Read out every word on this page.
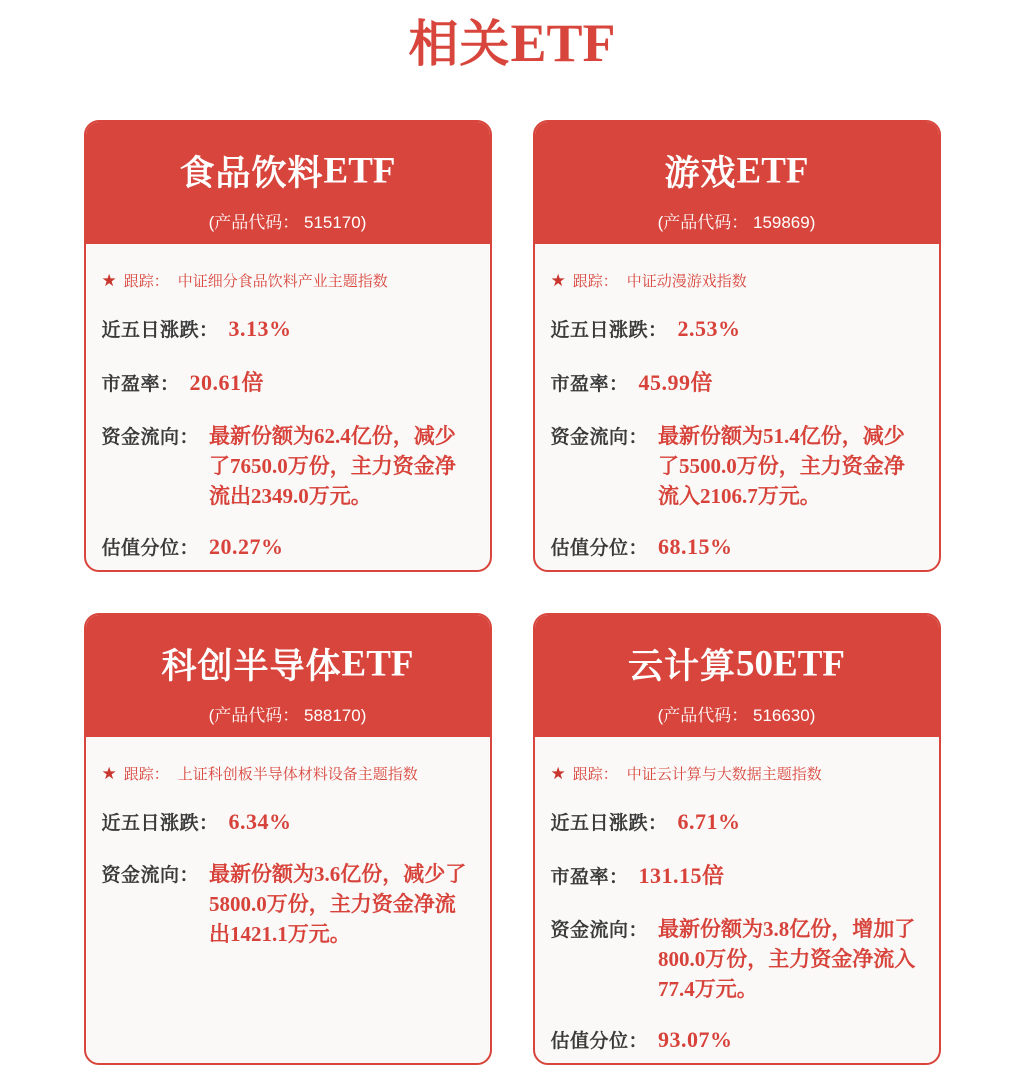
相关ETF
食品饮料ETF
(产品代码： 515170)
★ 跟踪： 中证细分食品饮料产业主题指数
近五日涨跌： 3.13%
市盈率： 20.61倍
资金流向： 最新份额为62.4亿份，减少了7650.0万份，主力资金净流出2349.0万元。
估值分位： 20.27%
游戏ETF
(产品代码： 159869)
★ 跟踪： 中证动漫游戏指数
近五日涨跌： 2.53%
市盈率： 45.99倍
资金流向： 最新份额为51.4亿份，减少了5500.0万份，主力资金净流入2106.7万元。
估值分位： 68.15%
科创半导体ETF
(产品代码： 588170)
★ 跟踪： 上证科创板半导体材料设备主题指数
近五日涨跌： 6.34%
资金流向： 最新份额为3.6亿份，减少了5800.0万份，主力资金净流出1421.1万元。
云计算50ETF
(产品代码： 516630)
★ 跟踪： 中证云计算与大数据主题指数
近五日涨跌： 6.71%
市盈率： 131.15倍
资金流向： 最新份额为3.8亿份，增加了800.0万份，主力资金净流入77.4万元。
估值分位： 93.07%
